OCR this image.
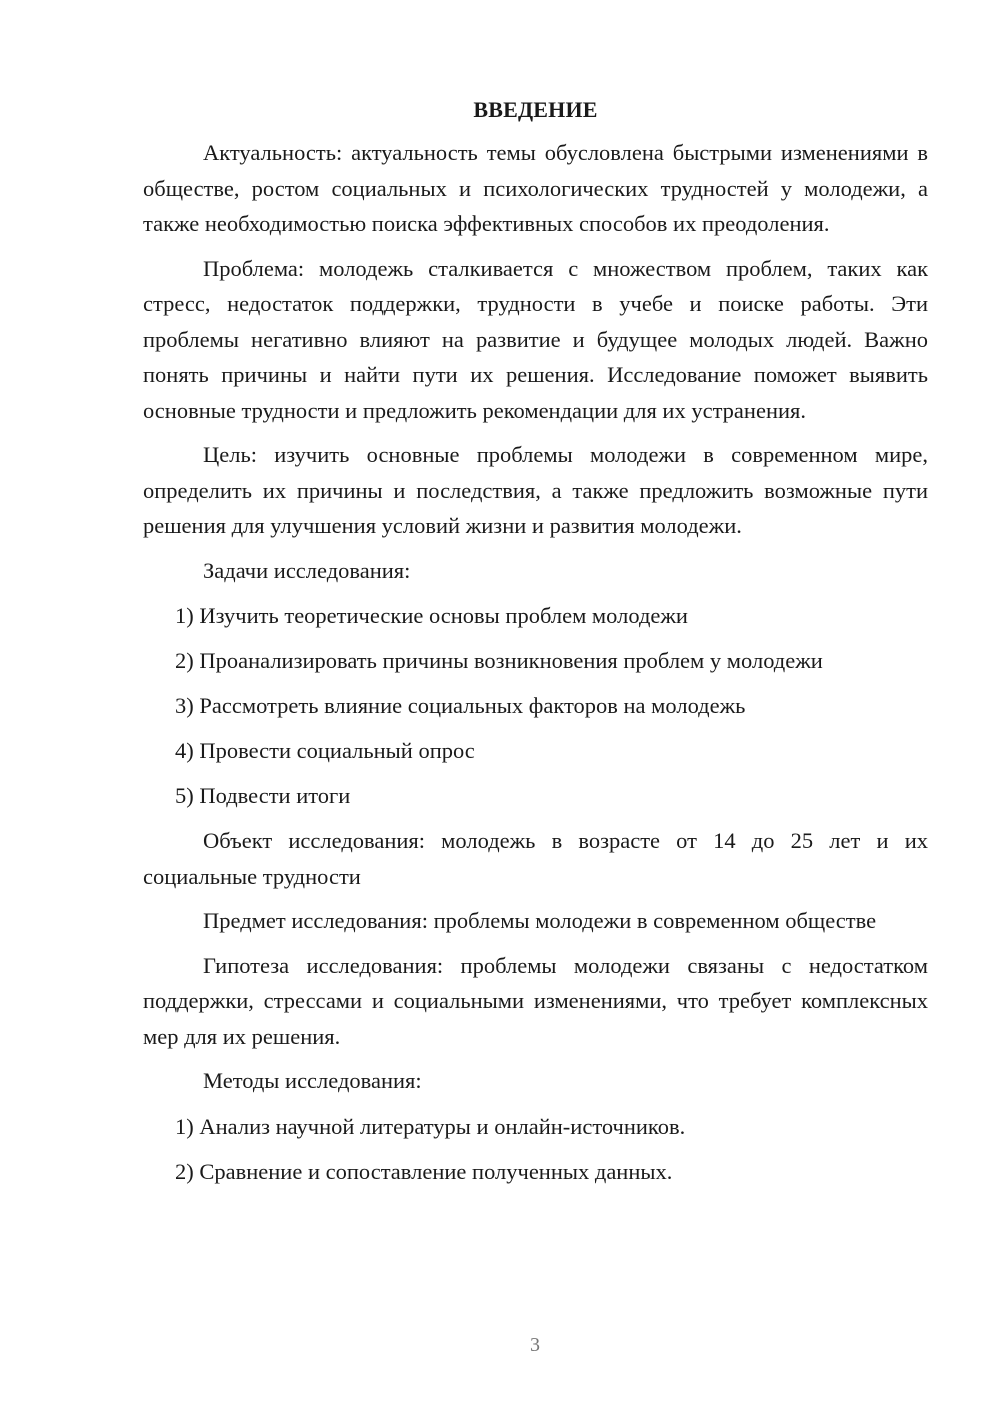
ВВЕДЕНИЕ

Актуальность: актуальность темы обусловлена быстрыми изменениями в обществе, ростом социальных и психологических трудностей у молодежи, а также необходимостью поиска эффективных способов их преодоления.

Проблема: молодежь сталкивается с множеством проблем, таких как стресс, недостаток поддержки, трудности в учебе и поиске работы. Эти проблемы негативно влияют на развитие и будущее молодых людей. Важно понять причины и найти пути их решения. Исследование поможет выявить основные трудности и предложить рекомендации для их устранения.

Цель: изучить основные проблемы молодежи в современном мире, определить их причины и последствия, а также предложить возможные пути решения для улучшения условий жизни и развития молодежи.

Задачи исследования:

1) Изучить теоретические основы проблем молодежи
2) Проанализировать причины возникновения проблем у молодежи
3) Рассмотреть влияние социальных факторов на молодежь
4) Провести социальный опрос
5) Подвести итоги

Объект исследования: молодежь в возрасте от 14 до 25 лет и их социальные трудности

Предмет исследования: проблемы молодежи в современном обществе

Гипотеза исследования: проблемы молодежи связаны с недостатком поддержки, стрессами и социальными изменениями, что требует комплексных мер для их решения.

Методы исследования:

1) Анализ научной литературы и онлайн-источников.
2) Сравнение и сопоставление полученных данных.
3
